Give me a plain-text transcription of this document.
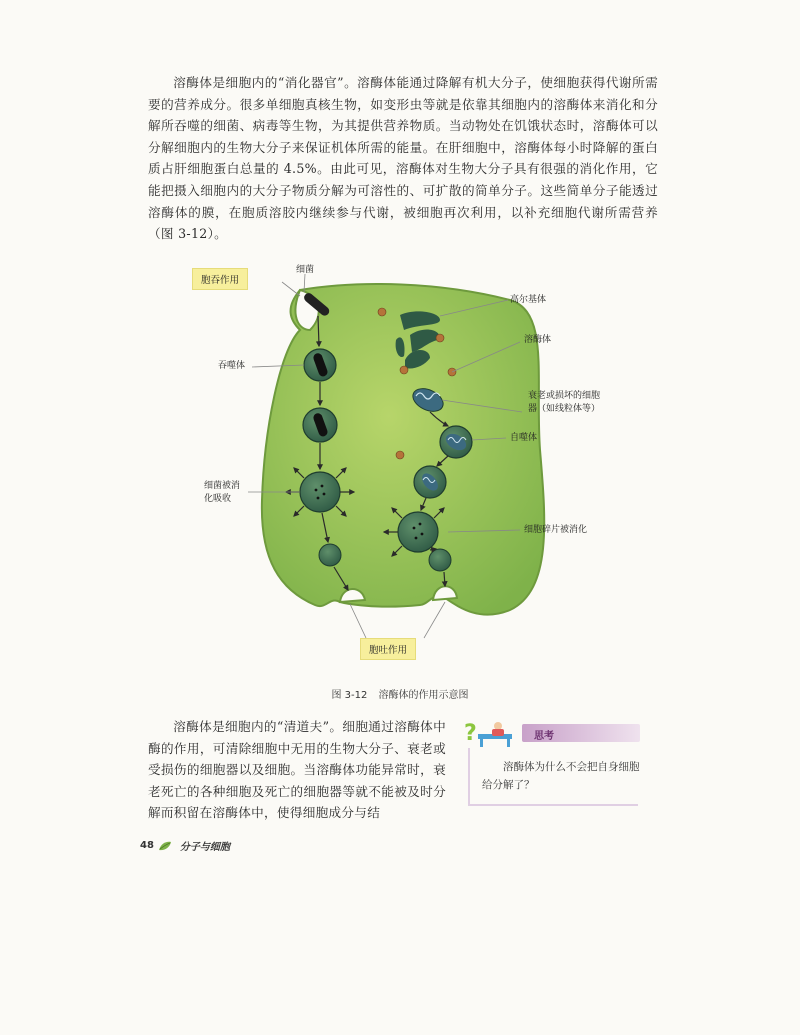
溶酶体是细胞内的“消化器官”。溶酶体能通过降解有机大分子，使细胞获得代谢所需要的营养成分。很多单细胞真核生物，如变形虫等就是依靠其细胞内的溶酶体来消化和分解所吞噬的细菌、病毒等生物，为其提供营养物质。当动物处在饥饿状态时，溶酶体可以分解细胞内的生物大分子来保证机体所需的能量。在肝细胞中，溶酶体每小时降解的蛋白质占肝细胞蛋白总量的 4.5%。由此可见，溶酶体对生物大分子具有很强的消化作用，它能把摄入细胞内的大分子物质分解为可溶性的、可扩散的简单分子。这些简单分子能透过溶酶体的膜，在胞质溶胶内继续参与代谢，被细胞再次利用，以补充细胞代谢所需营养（图 3-12）。

胞吞作用
细菌
高尔基体
溶酶体
吞噬体
衰老或损坏的细胞
器（如线粒体等）
自噬体
细菌被消
化吸收
细胞碎片被消化
胞吐作用
图 3-12 溶酶体的作用示意图

溶酶体是细胞内的“清道夫”。细胞通过溶酶体中酶的作用，可清除细胞中无用的生物大分子、衰老或受损伤的细胞器以及细胞。当溶酶体功能异常时，衰老死亡的各种细胞及死亡的细胞器等就不能被及时分解而积留在溶酶体中，使得细胞成分与结

?	思考
溶酶体为什么不会把自身细胞给分解了？
48	分子与细胞
